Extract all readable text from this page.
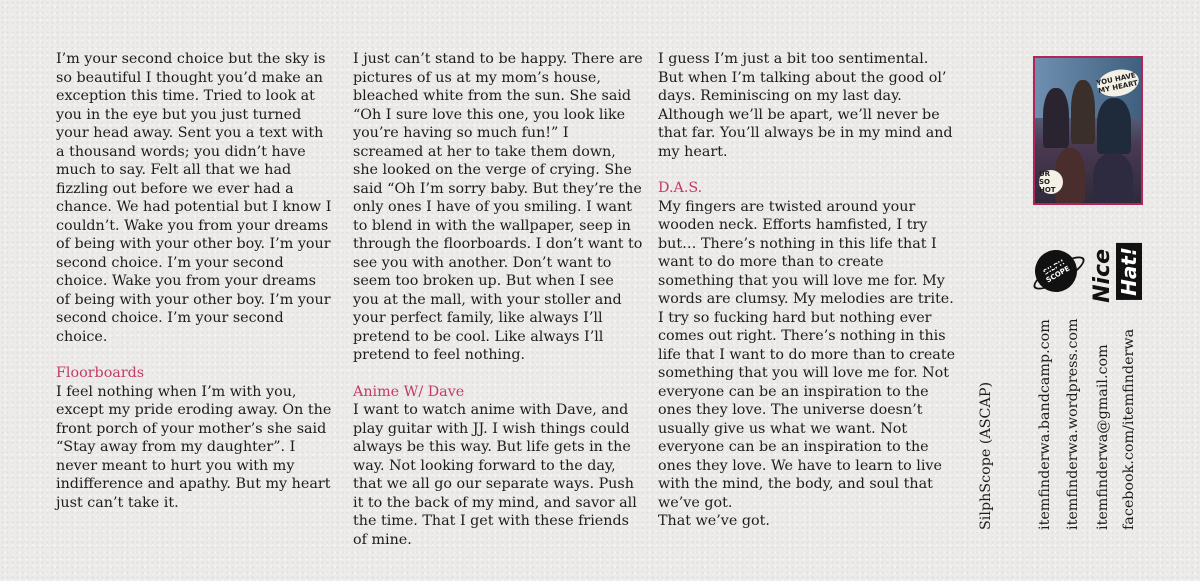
I’m your second choice but the sky is so beautiful I thought you’d make an exception this time. Tried to look at you in the eye but you just turned your head away. Sent you a text with a thousand words; you didn’t have much to say. Felt all that we had fizzling out before we ever had a chance. We had potential but I know I couldn’t. Wake you from your dreams of being with your other boy. I’m your second choice. I’m your second choice. Wake you from your dreams of being with your other boy. I’m your second choice. I’m your second choice.

Floorboards

I feel nothing when I’m with you, except my pride eroding away. On the front porch of your mother’s she said “Stay away from my daughter”. I never meant to hurt you with my indifference and apathy. But my heart just can’t take it.

I just can’t stand to be happy. There are pictures of us at my mom’s house, bleached white from the sun. She said “Oh I sure love this one, you look like you’re having so much fun!” I screamed at her to take them down, she looked on the verge of crying. She said “Oh I’m sorry baby. But they’re the only ones I have of you smiling. I want to blend in with the wallpaper, seep in through the floorboards. I don’t want to see you with another. Don’t want to seem too broken up. But when I see you at the mall, with your stoller and your perfect family, like always I’ll pretend to be cool. Like always I’ll pretend to feel nothing.

Anime W/ Dave

I want to watch anime with Dave, and play guitar with JJ. I wish things could always be this way. But life gets in the way. Not looking forward to the day, that we all go our separate ways. Push it to the back of my mind, and savor all the time. That I get with these friends of mine.

I guess I’m just a bit too sentimental. But when I’m talking about the good ol’ days. Reminiscing on my last day. Although we’ll be apart, we’ll never be that far. You’ll always be in my mind and my heart.

D.A.S.

My fingers are twisted around your wooden neck. Efforts hamfisted, I try but… There’s nothing in this life that I want to do more than to create something that you will love me for. My words are clumsy. My melodies are trite. I try so fucking hard but nothing ever comes out right. There’s nothing in this life that I want to do more than to create something that you will love me for. Not everyone can be an inspiration to the ones they love. The universe doesn’t usually give us what we want. Not everyone can be an inspiration to the ones they love. We have to learn to live with the mind, the body, and soul that we’ve got.

That we’ve got.

YOU HAVE MY HEART
UR SO HOT
SILPH SCOPE Nice Hat!
SilphScope (ASCAP)	itemfinderwa.bandcamp.com itemfinderwa.wordpress.com itemfinderwa@gmail.com facebook.com/itemfinderwa
